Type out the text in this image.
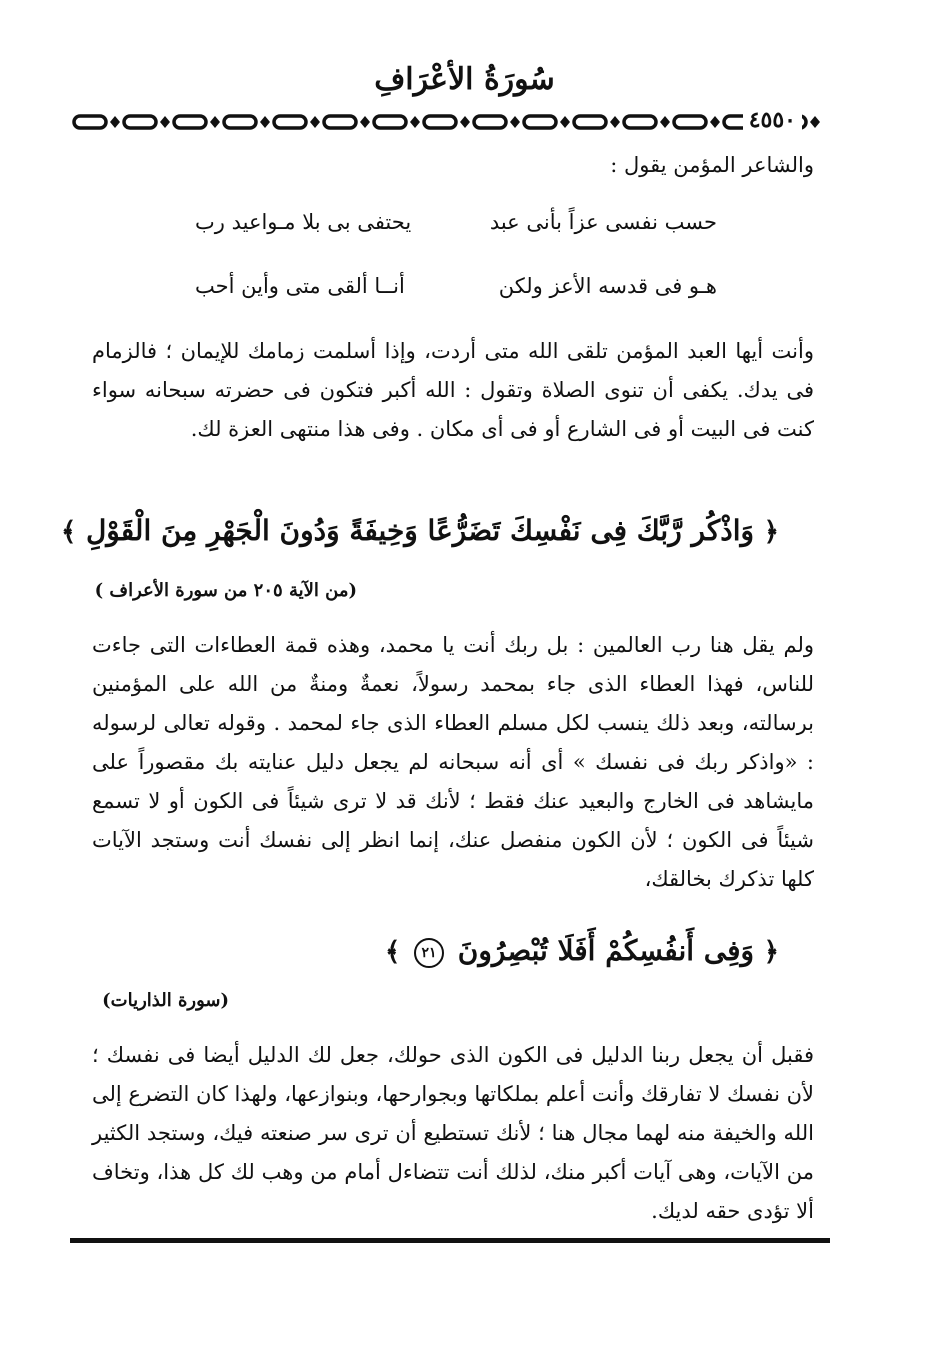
سُورَةُ الأعْرَافِ
٤٥٥٠
والشاعر المؤمن يقول :
حسب نفسى عزاً بأنى عبد
يحتفى بى بلا مـواعيد رب
هـو فى قدسه الأعز ولكن
أنــا ألقى متى وأين أحب
وأنت أيها العبد المؤمن تلقى الله متى أردت، وإذا أسلمت زمامك للإيمان ؛ فالزمام فى يدك. يكفى أن تنوى الصلاة وتقول : الله أكبر فتكون فى حضرته سبحانه سواء كنت فى البيت أو فى الشارع أو فى أى مكان . وفى هذا منتهى العزة لك.
﴿ وَاذْكُر رَّبَّكَ فِى نَفْسِكَ تَضَرُّعًا وَخِيفَةً وَدُونَ الْجَهْرِ مِنَ الْقَوْلِ ﴾
(من الآية ٢٠٥ من سورة الأعراف )
ولم يقل هنا رب العالمين : بل ربك أنت يا محمد، وهذه قمة العطاءات التى جاءت للناس، فهذا العطاء الذى جاء بمحمد رسولاً، نعمةٌ ومنةٌ من الله على المؤمنين برسالته، وبعد ذلك ينسب لكل مسلم العطاء الذى جاء لمحمد . وقوله تعالى لرسوله : «واذكر ربك فى نفسك » أى أنه سبحانه لم يجعل دليل عنايته بك مقصوراً على مايشاهد فى الخارج والبعيد عنك فقط ؛ لأنك قد لا ترى شيئاً فى الكون أو لا تسمع شيئاً فى الكون ؛ لأن الكون منفصل عنك، إنما انظر إلى نفسك أنت وستجد الآيات كلها تذكرك بخالقك،
﴿ وَفِى أَنفُسِكُمْ أَفَلَا تُبْصِرُونَ ٢١ ﴾
(سورة الذاريات)
فقبل أن يجعل ربنا الدليل فى الكون الذى حولك، جعل لك الدليل أيضا فى نفسك ؛ لأن نفسك لا تفارقك وأنت أعلم بملكاتها وبجوارحها، وبنوازعها، ولهذا كان التضرع إلى الله والخيفة منه لهما مجال هنا ؛ لأنك تستطيع أن ترى سر صنعته فيك، وستجد الكثير من الآيات، وهى آيات أكبر منك، لذلك أنت تتضاءل أمام من وهب لك كل هذا، وتخاف ألا تؤدى حقه لديك.
